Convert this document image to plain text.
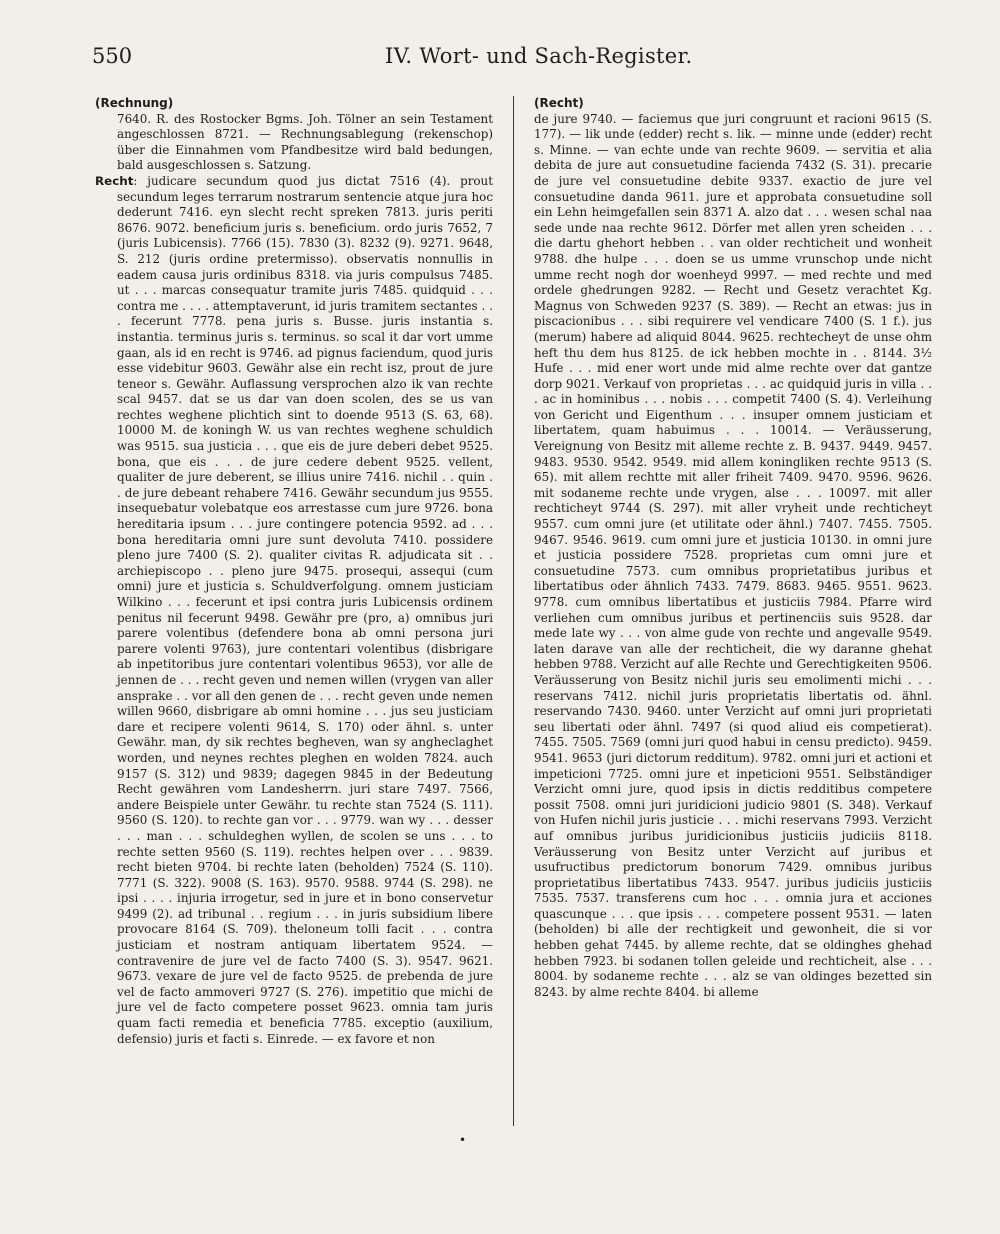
550	IV. Wort- und Sach-Register.
(Rechnung)

7640. R. des Rostocker Bgms. Joh. Tölner an sein Testament angeschlossen 8721. — Rechnungsablegung (rekenschop) über die Einnahmen vom Pfandbesitze wird bald bedungen, bald ausgeschlossen s. Satzung.

Recht: judicare secundum quod jus dictat 7516 (4). prout secundum leges terrarum nostrarum sentencie atque jura hoc dederunt 7416. eyn slecht recht spreken 7813. juris periti 8676. 9072. beneficium juris s. beneficium. ordo juris 7652, 7 (juris Lubicensis). 7766 (15). 7830 (3). 8232 (9). 9271. 9648, S. 212 (juris ordine pretermisso). observatis nonnullis in eadem causa juris ordinibus 8318. via juris compulsus 7485. ut . . . marcas consequatur tramite juris 7485. quidquid . . . contra me . . . . attemptaverunt, id juris tramitem sectantes . . . fecerunt 7778. pena juris s. Busse. juris instantia s. instantia. terminus juris s. terminus. so scal it dar vort umme gaan, als id en recht is 9746. ad pignus faciendum, quod juris esse videbitur 9603. Gewähr alse ein recht isz, prout de jure teneor s. Gewähr. Auflassung versprochen alzo ik van rechte scal 9457. dat se us dar van doen scolen, des se us van rechtes weghene plichtich sint to doende 9513 (S. 63, 68). 10000 M. de koningh W. us van rechtes weghene schuldich was 9515. sua justicia . . . que eis de jure deberi debet 9525. bona, que eis . . . de jure cedere debent 9525. vellent, qualiter de jure deberent, se illius unire 7416. nichil . . quin . . de jure debeant rehabere 7416. Gewähr secundum jus 9555. insequebatur volebatque eos arrestasse cum jure 9726. bona hereditaria ipsum . . . jure contingere potencia 9592. ad . . . bona hereditaria omni jure sunt devoluta 7410. possidere pleno jure 7400 (S. 2). qualiter civitas R. adjudicata sit . . archiepiscopo . . pleno jure 9475. prosequi, assequi (cum omni) jure et justicia s. Schuldverfolgung. omnem justiciam Wilkino . . . fecerunt et ipsi contra juris Lubicensis ordinem penitus nil fecerunt 9498. Gewähr pre (pro, a) omnibus juri parere volentibus (defendere bona ab omni persona juri parere volenti 9763), jure contentari volentibus (disbrigare ab inpetitoribus jure contentari volentibus 9653), vor alle de jennen de . . . recht geven und nemen willen (vrygen van aller ansprake . . vor all den genen de . . . recht geven unde nemen willen 9660, disbrigare ab omni homine . . . jus seu justiciam dare et recipere volenti 9614, S. 170) oder ähnl. s. unter Gewähr. man, dy sik rechtes begheven, wan sy angheclaghet worden, und neynes rechtes pleghen en wolden 7824. auch 9157 (S. 312) und 9839; dagegen 9845 in der Bedeutung Recht gewähren vom Landesherrn. juri stare 7497. 7566, andere Beispiele unter Gewähr. tu rechte stan 7524 (S. 111). 9560 (S. 120). to rechte gan vor . . . 9779. wan wy . . . desser . . . man . . . schuldeghen wyllen, de scolen se uns . . . to rechte setten 9560 (S. 119). rechtes helpen over . . . 9839. recht bieten 9704. bi rechte laten (beholden) 7524 (S. 110). 7771 (S. 322). 9008 (S. 163). 9570. 9588. 9744 (S. 298). ne ipsi . . . . injuria irrogetur, sed in jure et in bono conservetur 9499 (2). ad tribunal . . regium . . . in juris subsidium libere provocare 8164 (S. 709). theloneum tolli facit . . . contra justiciam et nostram antiquam libertatem 9524. — contravenire de jure vel de facto 7400 (S. 3). 9547. 9621. 9673. vexare de jure vel de facto 9525. de prebenda de jure vel de facto ammoveri 9727 (S. 276). impetitio que michi de jure vel de facto competere posset 9623. omnia tam juris quam facti remedia et beneficia 7785. exceptio (auxilium, defensio) juris et facti s. Einrede. — ex favore et non

(Recht)

de jure 9740. — faciemus que juri congruunt et racioni 9615 (S. 177). — lik unde (edder) recht s. lik. — minne unde (edder) recht s. Minne. — van echte unde van rechte 9609. — servitia et alia debita de jure aut consuetudine facienda 7432 (S. 31). precarie de jure vel consuetudine debite 9337. exactio de jure vel consuetudine danda 9611. jure et approbata consuetudine soll ein Lehn heimgefallen sein 8371 A. alzo dat . . . wesen schal naa sede unde naa rechte 9612. Dörfer met allen yren scheiden . . . die dartu ghehort hebben . . van older rechticheit und wonheit 9788. dhe hulpe . . . doen se us umme vrunschop unde nicht umme recht nogh dor woenheyd 9997. — med rechte und med ordele ghedrungen 9282. — Recht und Gesetz verachtet Kg. Magnus von Schweden 9237 (S. 389). — Recht an etwas: jus in piscacionibus . . . sibi requirere vel vendicare 7400 (S. 1 f.). jus (merum) habere ad aliquid 8044. 9625. rechtecheyt de unse ohm heft thu dem hus 8125. de ick hebben mochte in . . 8144. 3½ Hufe . . . mid ener wort unde mid alme rechte over dat gantze dorp 9021. Verkauf von proprietas . . . ac quidquid juris in villa . . . ac in hominibus . . . nobis . . . competit 7400 (S. 4). Verleihung von Gericht und Eigenthum . . . insuper omnem justiciam et libertatem, quam habuimus . . . 10014. — Veräusserung, Vereignung von Besitz mit alleme rechte z. B. 9437. 9449. 9457. 9483. 9530. 9542. 9549. mid allem koningliken rechte 9513 (S. 65). mit allem rechtte mit aller friheit 7409. 9470. 9596. 9626. mit sodaneme rechte unde vrygen, alse . . . 10097. mit aller rechticheyt 9744 (S. 297). mit aller vryheit unde rechticheyt 9557. cum omni jure (et utilitate oder ähnl.) 7407. 7455. 7505. 9467. 9546. 9619. cum omni jure et justicia 10130. in omni jure et justicia possidere 7528. proprietas cum omni jure et consuetudine 7573. cum omnibus proprietatibus juribus et libertatibus oder ähnlich 7433. 7479. 8683. 9465. 9551. 9623. 9778. cum omnibus libertatibus et justiciis 7984. Pfarre wird verliehen cum omnibus juribus et pertinenciis suis 9528. dar mede late wy . . . von alme gude von rechte und angevalle 9549. laten darave van alle der rechticheit, die wy daranne ghehat hebben 9788. Verzicht auf alle Rechte und Gerechtigkeiten 9506. Veräusserung von Besitz nichil juris seu emolimenti michi . . . reservans 7412. nichil juris proprietatis libertatis od. ähnl. reservando 7430. 9460. unter Verzicht auf omni juri proprietati seu libertati oder ähnl. 7497 (si quod aliud eis competierat). 7455. 7505. 7569 (omni juri quod habui in censu predicto). 9459. 9541. 9653 (juri dictorum redditum). 9782. omni juri et actioni et impeticioni 7725. omni jure et inpeticioni 9551. Selbständiger Verzicht omni jure, quod ipsis in dictis redditibus competere possit 7508. omni juri juridicioni judicio 9801 (S. 348). Verkauf von Hufen nichil juris justicie . . . michi reservans 7993. Verzicht auf omnibus juribus juridicionibus justiciis judiciis 8118. Veräusserung von Besitz unter Verzicht auf juribus et usufructibus predictorum bonorum 7429. omnibus juribus proprietatibus libertatibus 7433. 9547. juribus judiciis justiciis 7535. 7537. transferens cum hoc . . . omnia jura et acciones quascunque . . . que ipsis . . . competere possent 9531. — laten (beholden) bi alle der rechtigkeit und gewonheit, die si vor hebben gehat 7445. by alleme rechte, dat se oldinghes ghehad hebben 7923. bi sodanen tollen geleide und rechticheit, alse . . . 8004. by sodaneme rechte . . . alz se van oldinges bezetted sin 8243. by alme rechte 8404. bi alleme

•
